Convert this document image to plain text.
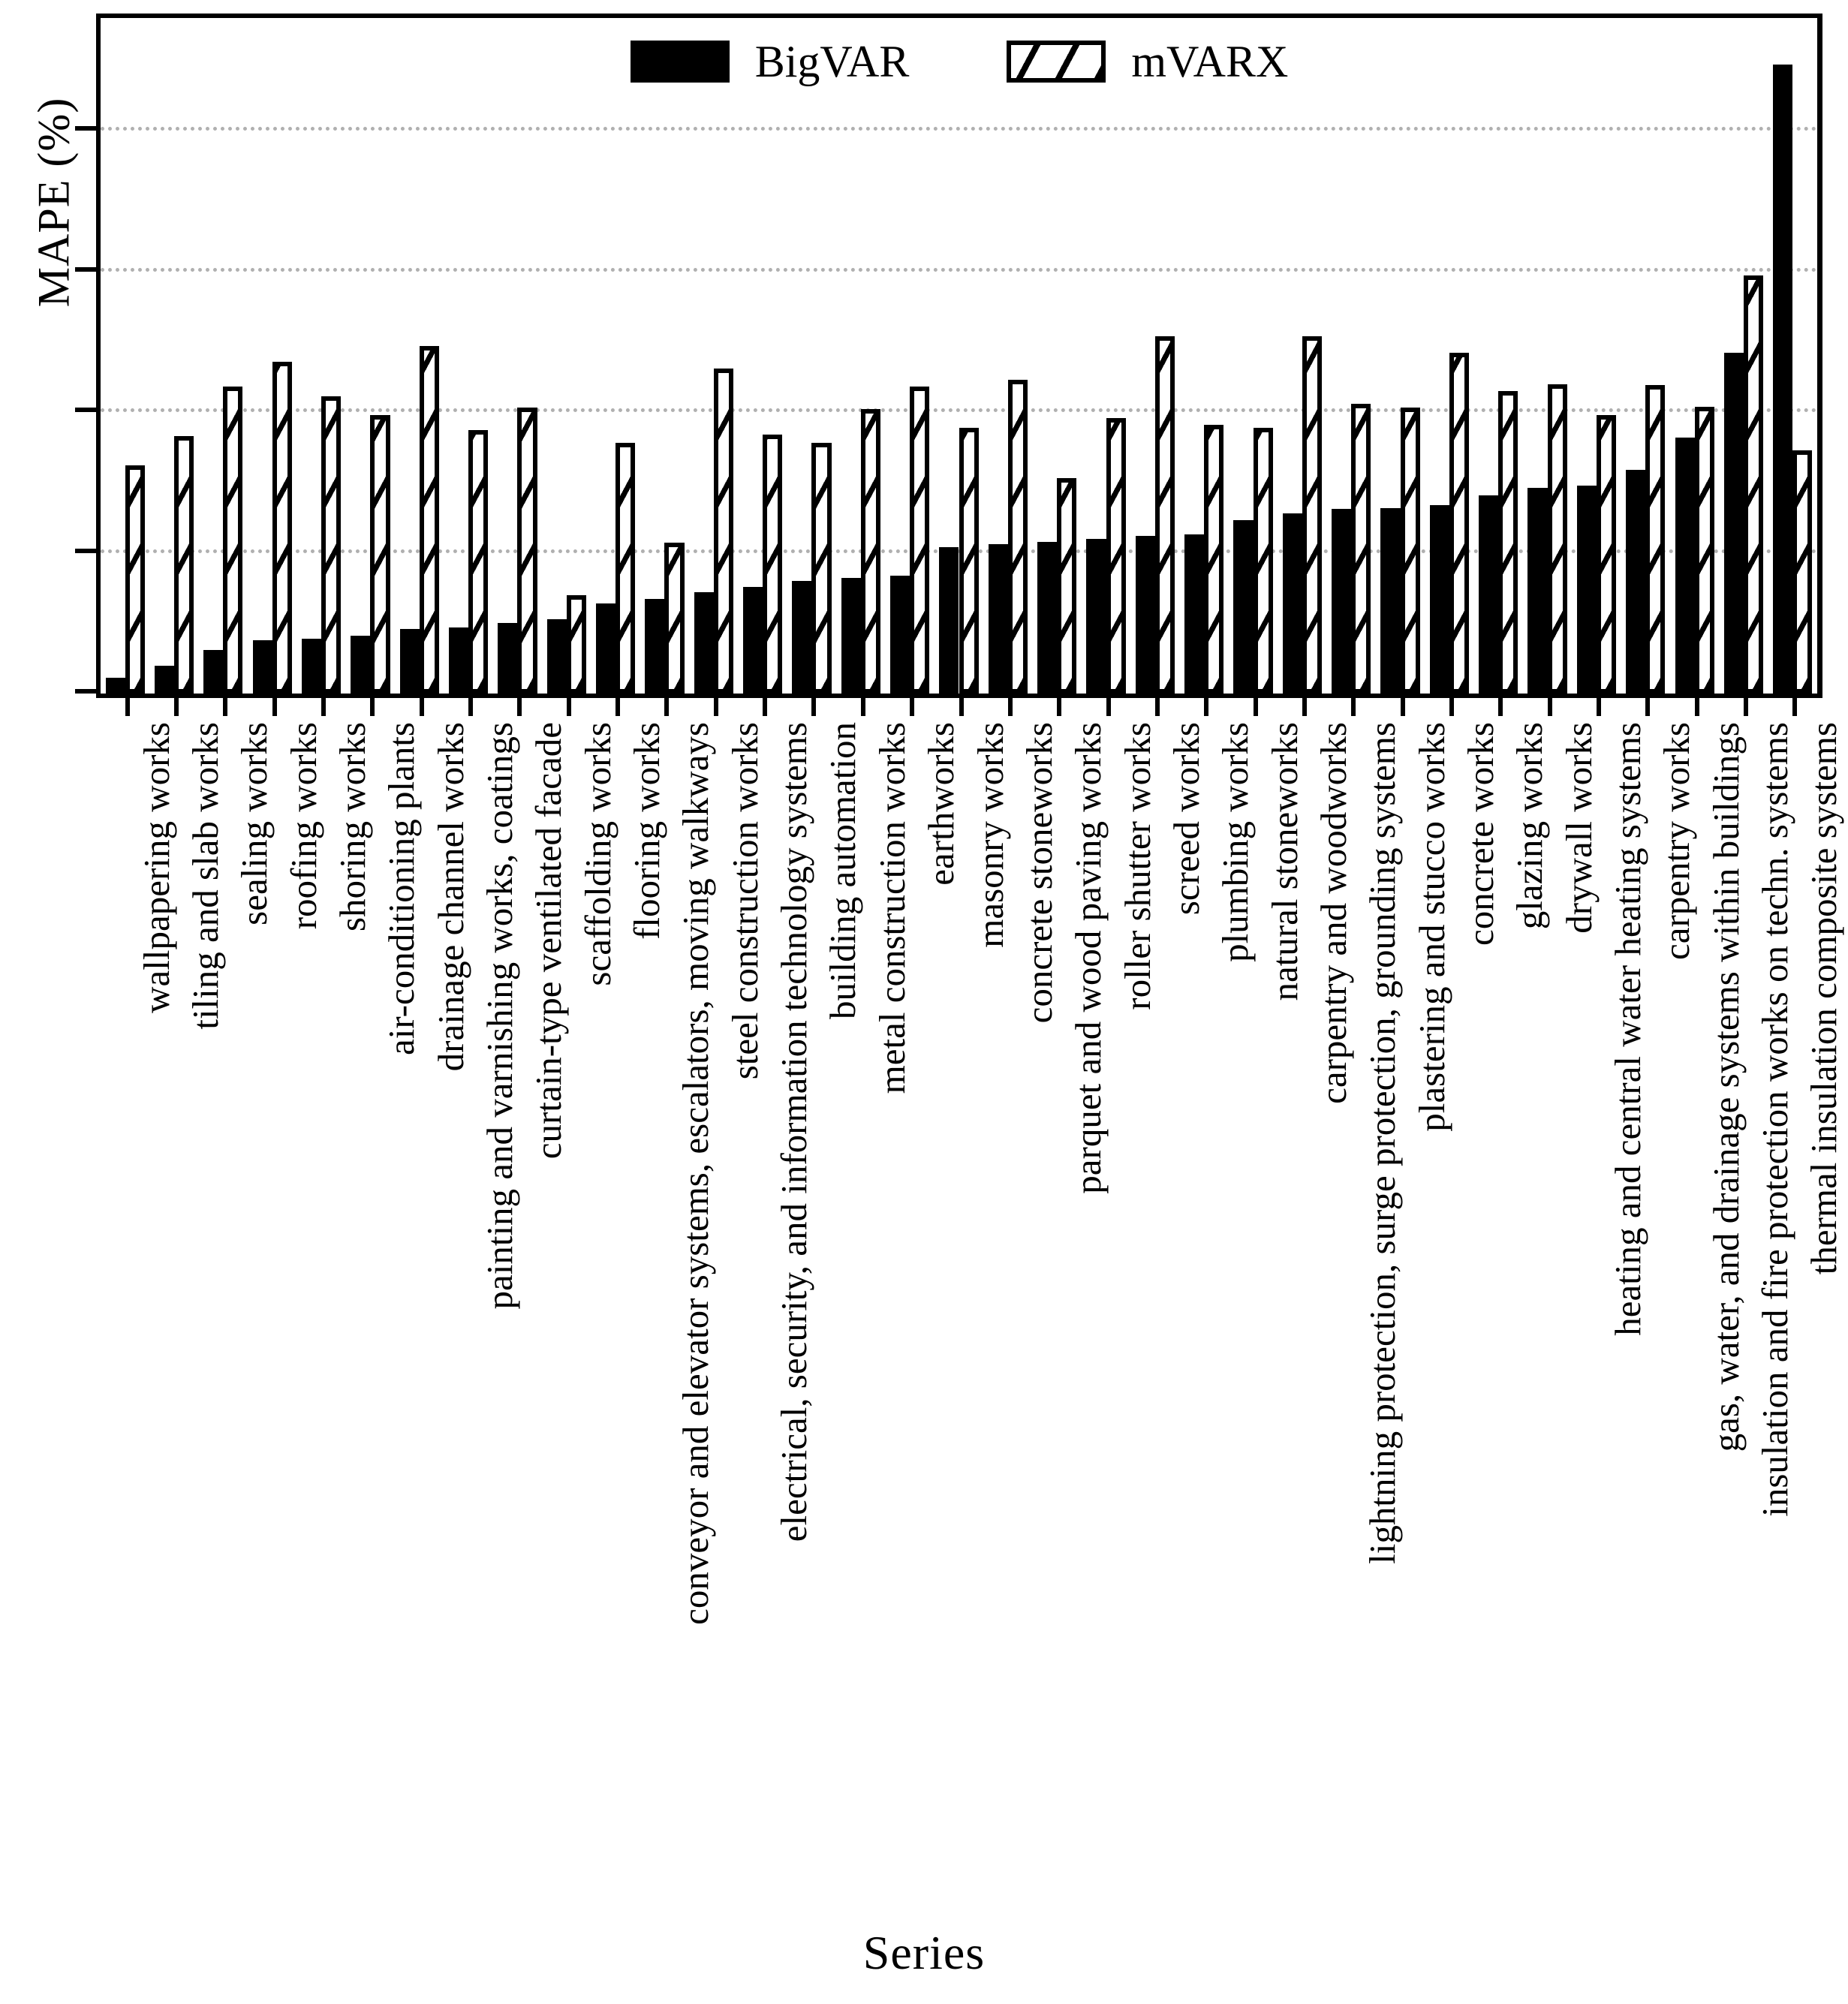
MAPE (%)
BigVAR	mVARX
wallpapering works tiling and slab works sealing works roofing works shoring works air-conditioning plants drainage channel works painting and varnishing works, coatings curtain-type ventilated facade scaffolding works flooring works conveyor and elevator systems, escalators, moving walkways steel construction works electrical, security, and information technology systems building automation metal construction works earthworks masonry works concrete stoneworks parquet and wood paving works roller shutter works screed works plumbing works natural stoneworks carpentry and woodworks lightning protection, surge protection, grounding systems plastering and stucco works concrete works glazing works drywall works heating and central water heating systems carpentry works gas, water, and drainage systems within buildings insulation and fire protection works on techn. systems thermal insulation composite systems
Series
